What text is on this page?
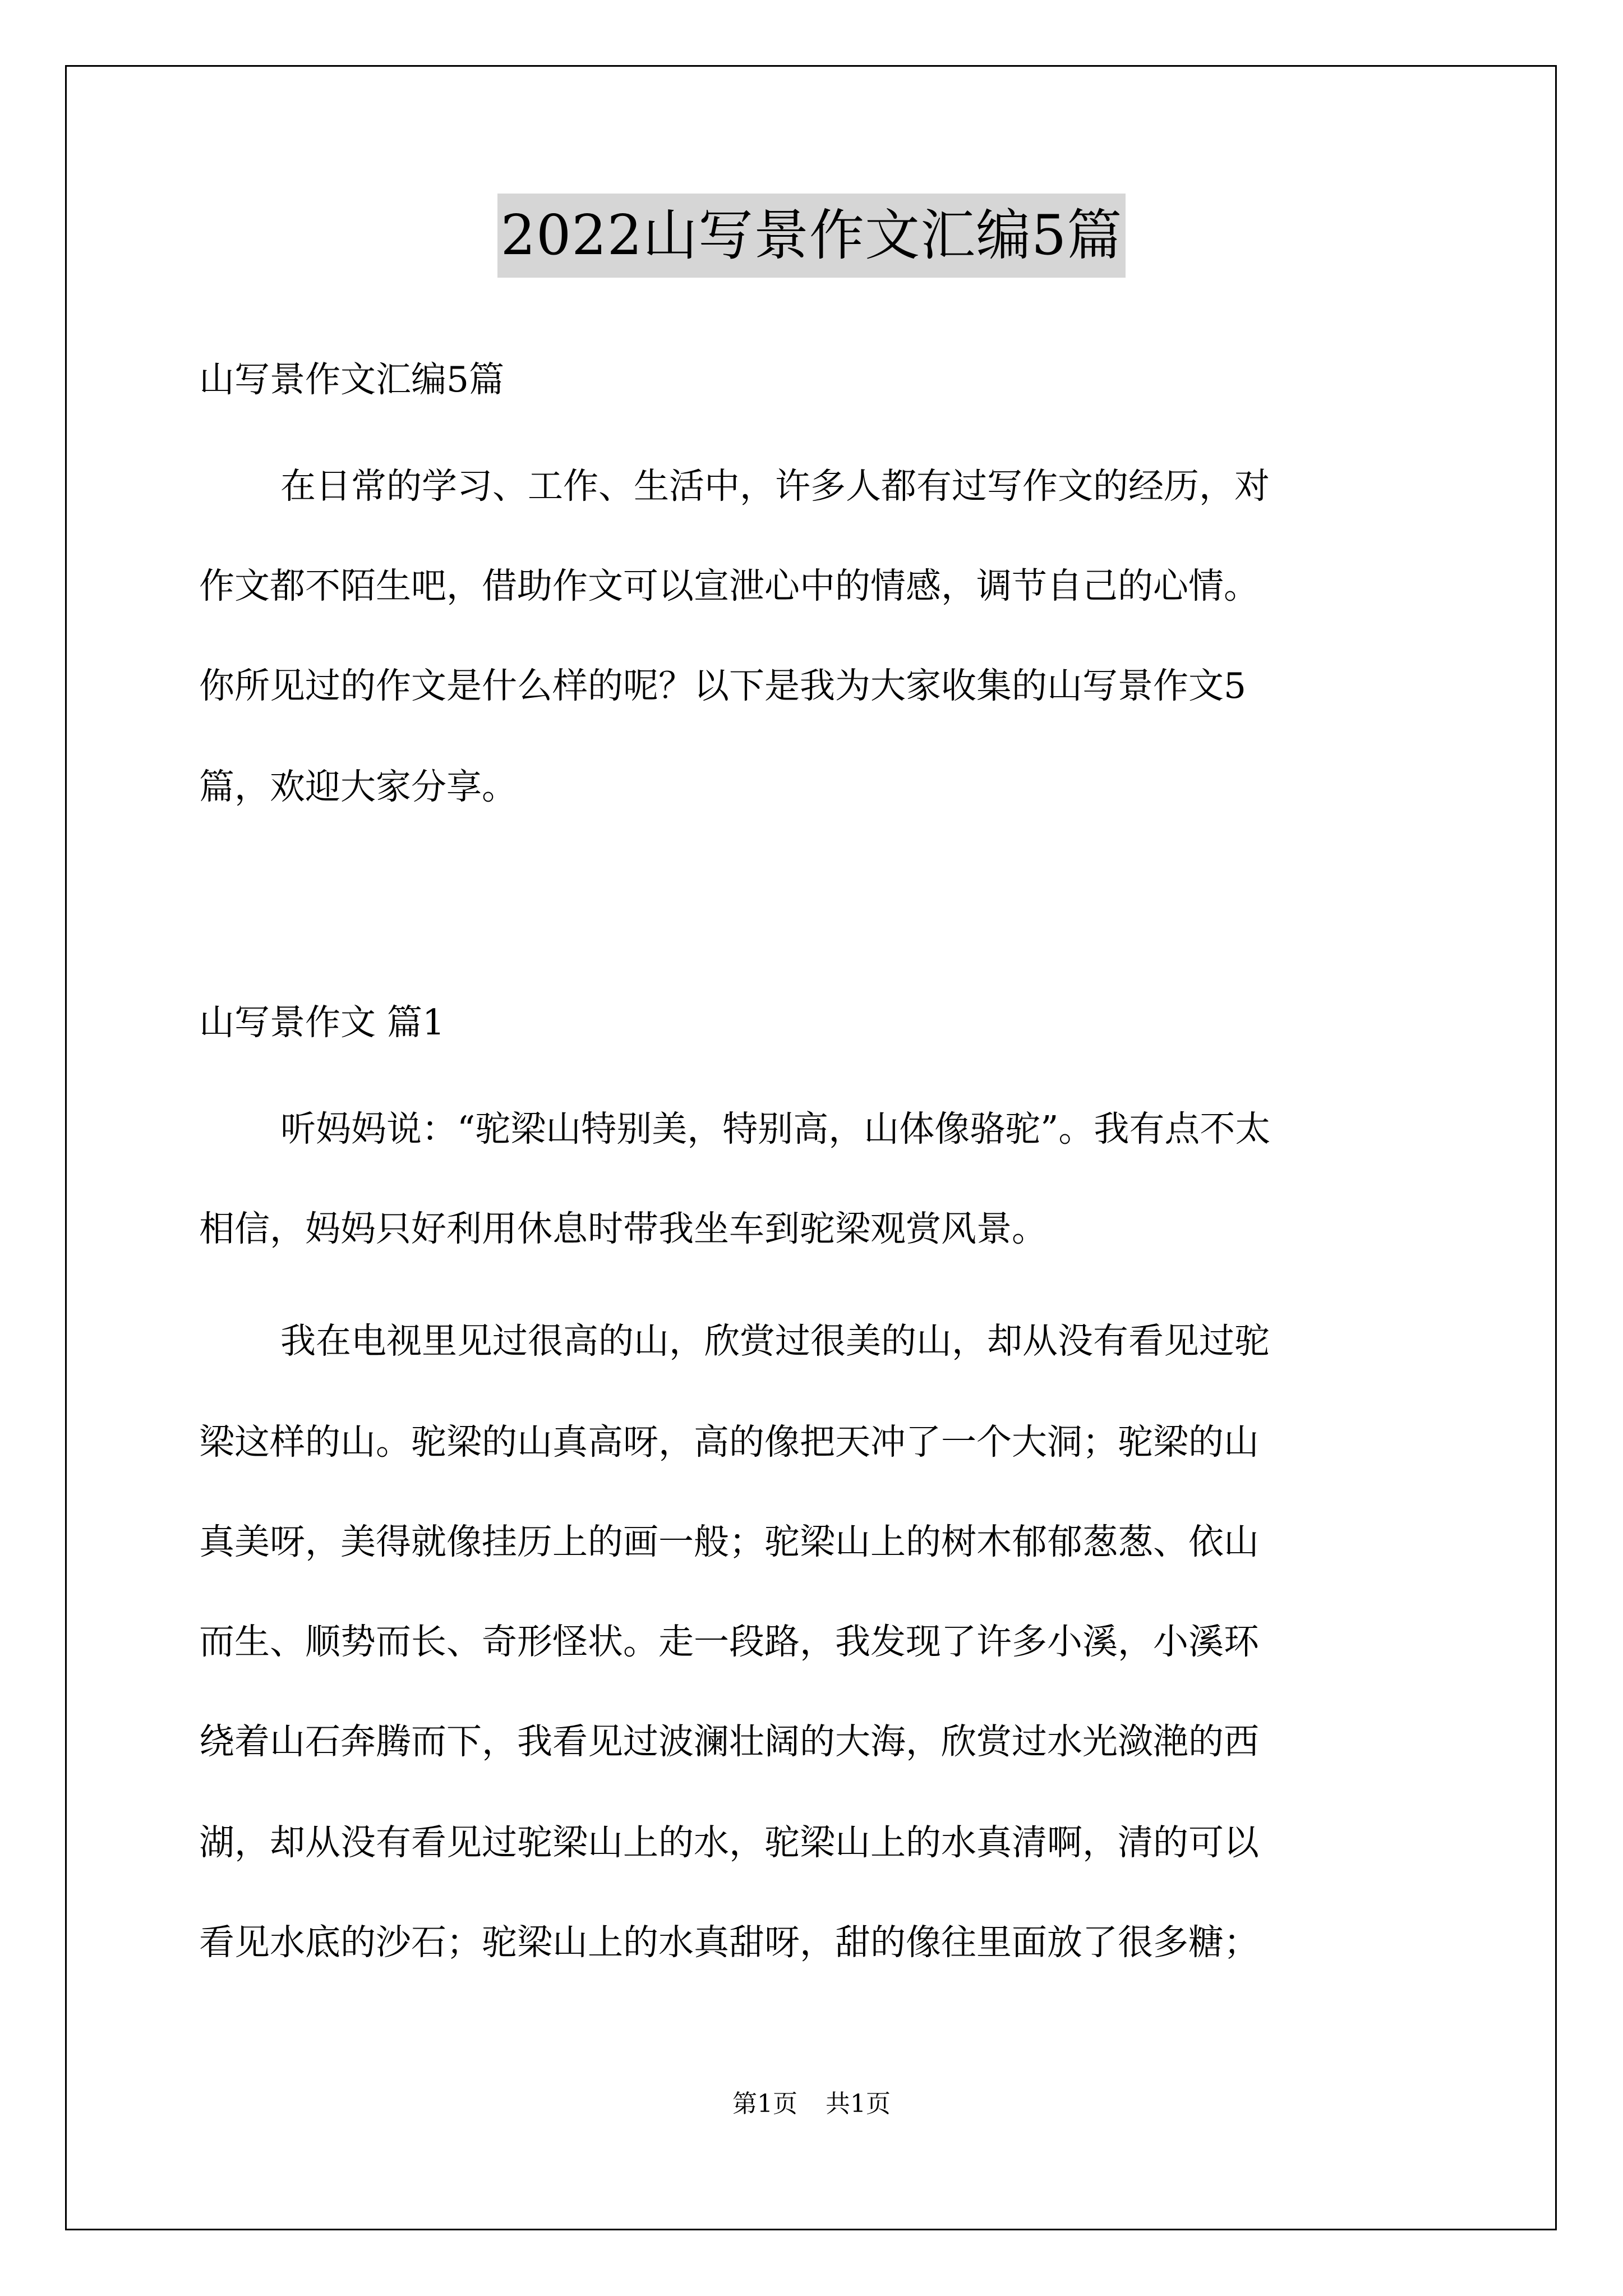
2022山写景作文汇编5篇
山写景作文汇编5篇
在日常的学习、工作、生活中，许多人都有过写作文的经历，对
作文都不陌生吧，借助作文可以宣泄心中的情感，调节自己的心情。
你所见过的作文是什么样的呢？以下是我为大家收集的山写景作文5
篇，欢迎大家分享。
山写景作文 篇1
听妈妈说：“驼梁山特别美，特别高，山体像骆驼”。我有点不太
相信，妈妈只好利用休息时带我坐车到驼梁观赏风景。
我在电视里见过很高的山，欣赏过很美的山，却从没有看见过驼
梁这样的山。驼梁的山真高呀，高的像把天冲了一个大洞；驼梁的山
真美呀，美得就像挂历上的画一般；驼梁山上的树木郁郁葱葱、依山
而生、顺势而长、奇形怪状。走一段路，我发现了许多小溪，小溪环
绕着山石奔腾而下，我看见过波澜壮阔的大海，欣赏过水光潋滟的西
湖，却从没有看见过驼梁山上的水，驼梁山上的水真清啊，清的可以
看见水底的沙石；驼梁山上的水真甜呀，甜的像往里面放了很多糖；
第1页 共1页
